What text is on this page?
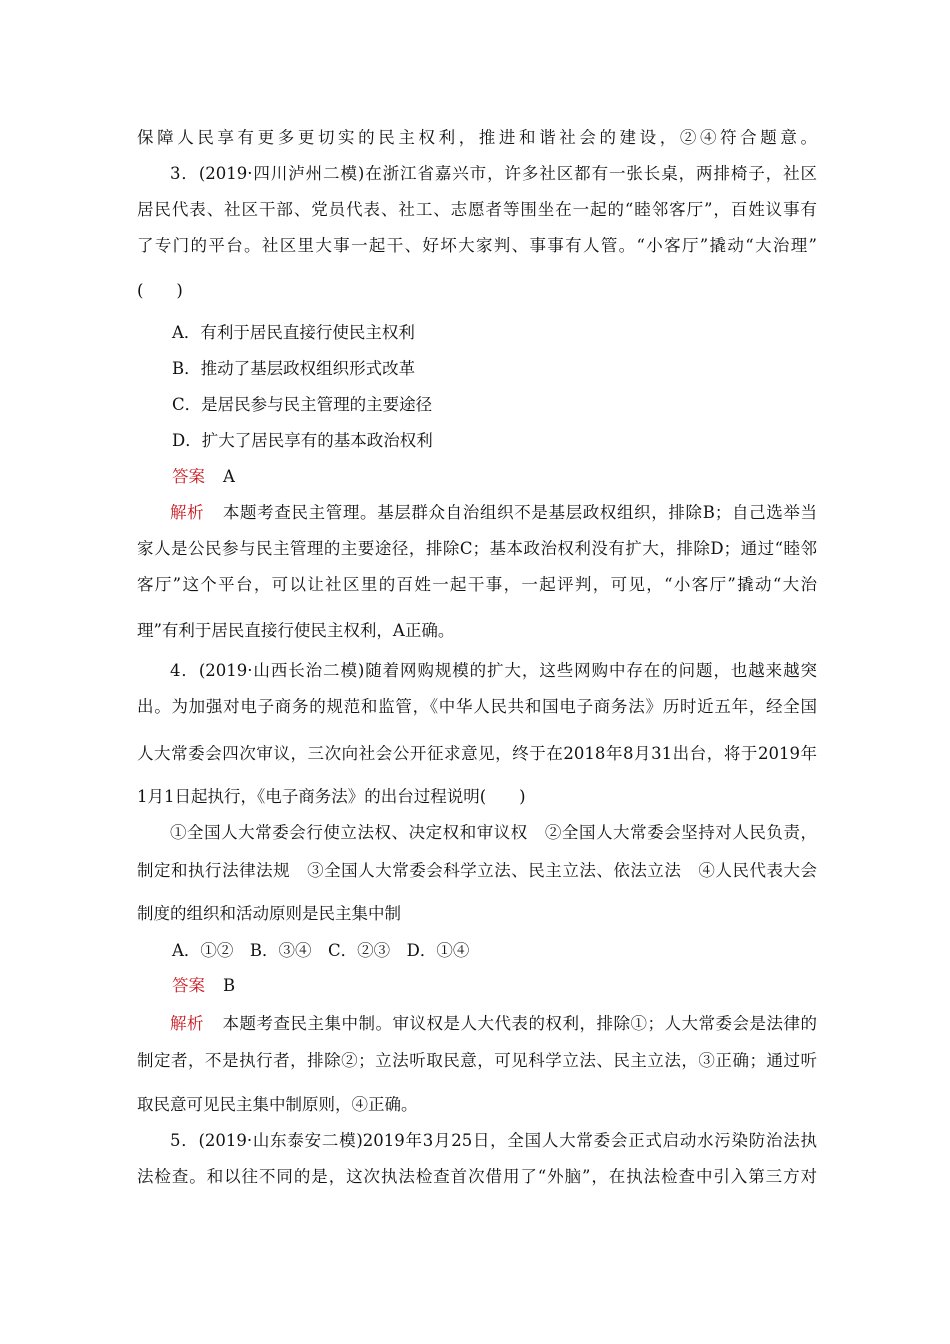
保障人民享有更多更切实的民主权利，推进和谐社会的建设，②④符合题意。
3．(2019·四川泸州二模)在浙江省嘉兴市，许多社区都有一张长桌，两排椅子，社区
居民代表、社区干部、党员代表、社工、志愿者等围坐在一起的“睦邻客厅”，百姓议事有
了专门的平台。社区里大事一起干、好坏大家判、事事有人管。“小客厅”撬动“大治理”
(　　)
A．有利于居民直接行使民主权利
B．推动了基层政权组织形式改革
C．是居民参与民主管理的主要途径
D．扩大了居民享有的基本政治权利
答案 A
解析 本题考查民主管理。基层群众自治组织不是基层政权组织，排除B；自己选举当
家人是公民参与民主管理的主要途径，排除C；基本政治权利没有扩大，排除D；通过“睦邻
客厅”这个平台，可以让社区里的百姓一起干事，一起评判，可见，“小客厅”撬动“大治
理”有利于居民直接行使民主权利，A正确。
4．(2019·山西长治二模)随着网购规模的扩大，这些网购中存在的问题，也越来越突
出。为加强对电子商务的规范和监管，《中华人民共和国电子商务法》历时近五年，经全国
人大常委会四次审议，三次向社会公开征求意见，终于在2018年8月31出台，将于2019年
1月1日起执行，《电子商务法》的出台过程说明(　　)
①全国人大常委会行使立法权、决定权和审议权　②全国人大常委会坚持对人民负责，
制定和执行法律法规　③全国人大常委会科学立法、民主立法、依法立法　④人民代表大会
制度的组织和活动原则是民主集中制
A．①②　B．③④　C．②③　D．①④
答案 B
解析 本题考查民主集中制。审议权是人大代表的权利，排除①；人大常委会是法律的
制定者，不是执行者，排除②；立法听取民意，可见科学立法、民主立法，③正确；通过听
取民意可见民主集中制原则，④正确。
5．(2019·山东泰安二模)2019年3月25日，全国人大常委会正式启动水污染防治法执
法检查。和以往不同的是，这次执法检查首次借用了“外脑”，在执法检查中引入第三方对
